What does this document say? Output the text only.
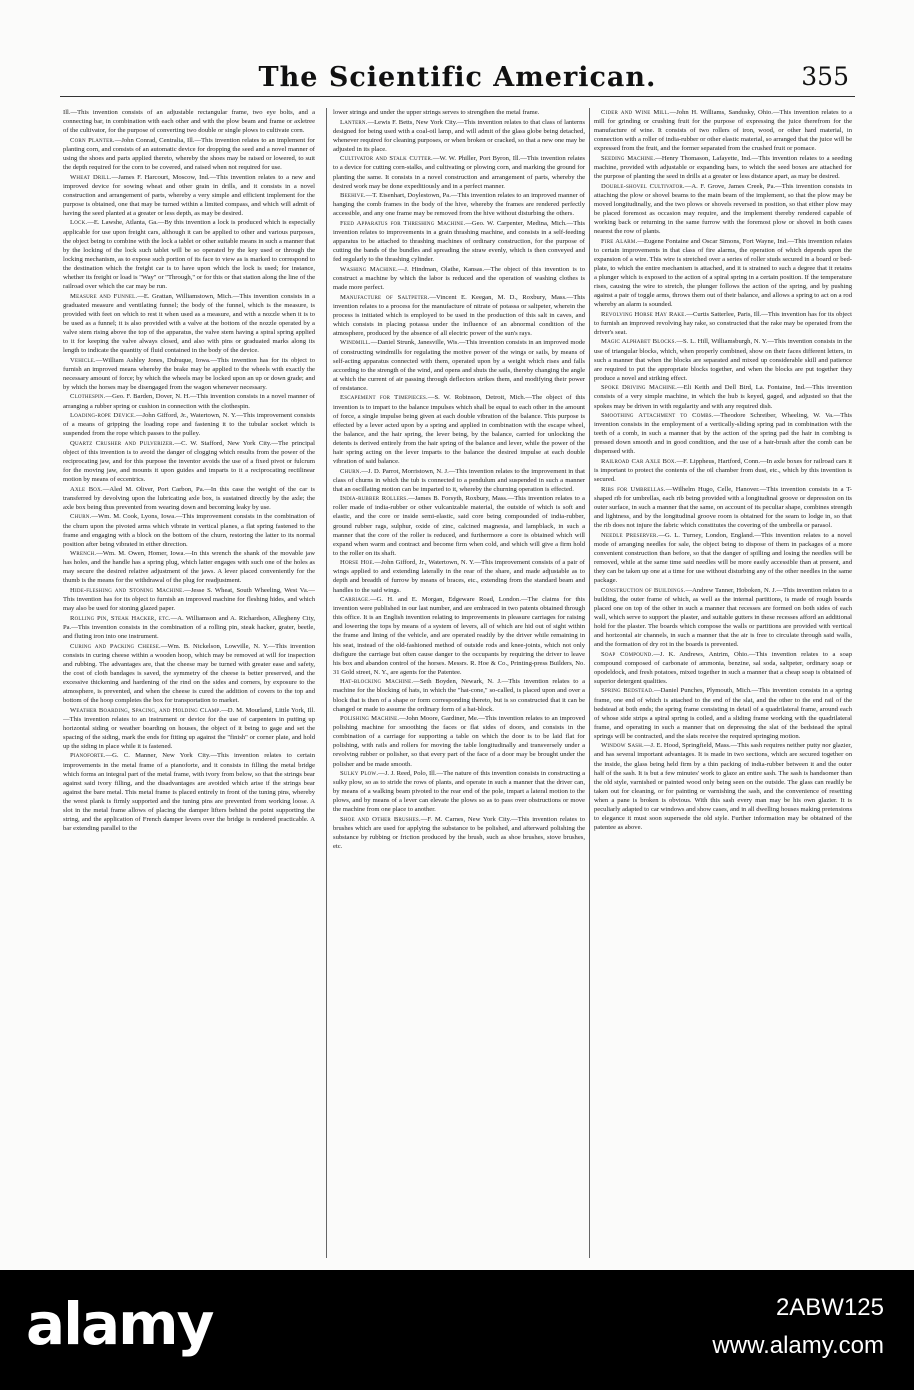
The Scientific American.	355

Ill.—This invention consists of an adjustable rectangular frame, two eye bolts, and a connecting bar, in combination with each other and with the plow beam and frame or axletree of the cultivator, for the purpose of converting two double or single plows to cultivate corn.

Corn Planter.—John Conrad, Centralia, Ill.—This invention relates to an implement for planting corn, and consists of an automatic device for dropping the seed and a novel manner of using the shoes and parts applied thereto, whereby the shoes may be raised or lowered, to suit the depth required for the corn to be covered, and raised when not required for use.

Wheat Drill.—James F. Harcourt, Moscow, Ind.—This invention relates to a new and improved device for sowing wheat and other grain in drills, and it consists in a novel construction and arrangement of parts, whereby a very simple and efficient implement for the purpose is obtained, one that may be turned within a limited compass, and which will admit of having the seed planted at a greater or less depth, as may be desired.

Lock.—E. Lawshe, Atlanta, Ga.—By this invention a lock is produced which is especially applicable for use upon freight cars, although it can be applied to other and various purposes, the object being to combine with the lock a tablet or other suitable means in such a manner that by the locking of the lock such tablet will be so operated by the key used or through the locking mechanism, as to expose such portion of its face to view as is marked to correspond to the destination which the freight car is to have upon which the lock is used; for instance, whether its freight or load is "Way" or "Through," or for this or that station along the line of the railroad over which the car may be run.

Measure and Funnel.—E. Grattan, Williamstown, Mich.—This invention consists in a graduated measure and ventilating funnel; the body of the funnel, which is the measure, is provided with feet on which to rest it when used as a measure, and with a nozzle when it is to be used as a funnel; it is also provided with a valve at the bottom of the nozzle operated by a valve stem rising above the top of the apparatus, the valve stem having a spiral spring applied to it for keeping the valve always closed, and also with pins or graduated marks along its length to indicate the quantity of fluid contained in the body of the device.

Vehicle.—William Ashley Jones, Dubuque, Iowa.—This invention has for its object to furnish an improved means whereby the brake may be applied to the wheels with exactly the necessary amount of force; by which the wheels may be locked upon an up or down grade; and by which the horses may be disengaged from the wagon whenever necessary.

Clothespin.—Geo. F. Barden, Dover, N. H.—This invention consists in a novel manner of arranging a rubber spring or cushion in connection with the clothespin.

Loading-rope Device.—John Gifford, Jr., Watertown, N. Y.—This improvement consists of a means of gripping the loading rope and fastening it to the tubular socket which is suspended from the rope which passes to the pulley.

Quartz Crusher and Pulverizer.—C. W. Stafford, New York City.—The principal object of this invention is to avoid the danger of clogging which results from the power of the reciprocating jaw, and for this purpose the inventor avoids the use of a fixed pivot or fulcrum for the moving jaw, and mounts it upon guides and imparts to it a reciprocating rectilinear motion by means of eccentrics.

Axle Box.—Aled M. Oliver, Port Carbon, Pa.—In this case the weight of the car is transferred by devolving upon the lubricating axle box, is sustained directly by the axle; the axle box being thus prevented from wearing down and becoming leaky by use.

Churn.—Wm. M. Cook, Lyons, Iowa.—This improvement consists in the combination of the churn upon the pivoted arms which vibrate in vertical planes, a flat spring fastened to the frame and engaging with a block on the bottom of the churn, restoring the latter to its normal position after being vibrated in either direction.

Wrench.—Wm. M. Owen, Homer, Iowa.—In this wrench the shank of the movable jaw has holes, and the handle has a spring plug, which latter engages with such one of the holes as may secure the desired relative adjustment of the jaws. A lever placed conveniently for the thumb is the means for the withdrawal of the plug for readjustment.

Hide-fleshing and Stoning Machine.—Jesse S. Wheat, South Wheeling, West Va.—This invention has for its object to furnish an improved machine for fleshing hides, and which may also be used for stoning glazed paper.

Rolling Pin, Steak Hacker, etc.—A. Williamson and A. Richardson, Allegheny City, Pa.—This invention consists in the combination of a rolling pin, steak hacker, grater, beetle, and fluting iron into one instrument.

Curing and Packing Cheese.—Wm. B. Nickelson, Lowville, N. Y.—This invention consists in curing cheese within a wooden hoop, which may be removed at will for inspection and rubbing. The advantages are, that the cheese may be turned with greater ease and safety, the cost of cloth bandages is saved, the symmetry of the cheese is better preserved, and the excessive thickening and hardening of the rind on the sides and corners, by exposure to the atmosphere, is prevented, and when the cheese is cured the addition of covers to the top and bottom of the hoop completes the box for transportation to market.

Weather Boarding, Spacing, and Holding Clamp.—D. M. Mourland, Little York, Ill.—This invention relates to an instrument or device for the use of carpenters in putting up horizontal siding or weather boarding on houses, the object of it being to gage and set the spacing of the siding, mark the ends for fitting up against the "finish" or corner plate, and hold up the siding in place while it is fastened.

Pianoforte.—G. C. Manner, New York City.—This invention relates to certain improvements in the metal frame of a pianoforte, and it consists in filling the metal bridge which forms an integral part of the metal frame, with ivory from below, so that the strings bear against said ivory filling, and the disadvantages are avoided which arise if the strings bear against the bare metal. This metal frame is placed entirely in front of the tuning pins, whereby the wrest plank is firmly supported and the tuning pins are prevented from working loose. A slot in the metal frame allows of placing the damper lifters behind the point supporting the string, and the application of French damper levers over the bridge is rendered practicable. A bar extending parallel to the

lower strings and under the upper strings serves to strengthen the metal frame.

Lantern.—Lewis F. Betts, New York City.—This invention relates to that class of lanterns designed for being used with a coal-oil lamp, and will admit of the glass globe being detached, whenever required for cleaning purposes, or when broken or cracked, so that a new one may be adjusted in its place.

Cultivator and Stalk Cutter.—W. W. Philler, Port Byron, Ill.—This invention relates to a device for cutting corn-stalks, and cultivating or plowing corn, and marking the ground for planting the same. It consists in a novel construction and arrangement of parts, whereby the desired work may be done expeditiously and in a perfect manner.

Beehive.—T. Eisenhart, Doylestown, Pa.—This invention relates to an improved manner of hanging the comb frames in the body of the hive, whereby the frames are rendered perfectly accessible, and any one frame may be removed from the hive without disturbing the others.

Feed Apparatus for Threshing Machine.—Geo. W. Carpenter, Medina, Mich.—This invention relates to improvements in a grain thrashing machine, and consists in a self-feeding apparatus to be attached to thrashing machines of ordinary construction, for the purpose of cutting the bands of the bundles and spreading the straw evenly, which is then conveyed and fed regularly to the thrashing cylinder.

Washing Machine.—J. Hindman, Olathe, Kansas.—The object of this invention is to construct a machine by which the labor is reduced and the operation of washing clothes is made more perfect.

Manufacture of Saltpeter.—Vincent E. Keegan, M. D., Roxbury, Mass.—This invention relates to a process for the manufacture of nitrate of potassa or saltpeter, wherein the process is initiated which is employed to be used in the production of this salt in caves, and which consists in placing potassa under the influence of an abnormal condition of the atmosphere, produced by the absence of all electric power of the sun's rays.

Windmill.—Daniel Strunk, Janesville, Wis.—This invention consists in an improved mode of constructing windmills for regulating the motive power of the wings or sails, by means of self-acting apparatus connected with them, operated upon by a weight which rises and falls according to the strength of the wind, and opens and shuts the sails, thereby changing the angle at which the current of air passing through deflectors strikes them, and modifying their power of resistance.

Escapement for Timepieces.—S. W. Robinson, Detroit, Mich.—The object of this invention is to impart to the balance impulses which shall be equal to each other in the amount of force, a single impulse being given at each double vibration of the balance. This purpose is effected by a lever acted upon by a spring and applied in combination with the escape wheel, the balance, and the hair spring, the lever being, by the balance, carried for unlocking the detents is derived entirely from the hair spring of the balance and lever, while the power of the hair spring acting on the lever imparts to the balance the desired impulse at each double vibration of said balance.

Churn.—J. D. Parrot, Morristown, N. J.—This invention relates to the improvement in that class of churns in which the tub is connected to a pendulum and suspended in such a manner that an oscillating motion can be imparted to it, whereby the churning operation is effected.

India-rubber Rollers.—James B. Forsyth, Roxbury, Mass.—This invention relates to a roller made of india-rubber or other vulcanizable material, the outside of which is soft and elastic, and the core or inside semi-elastic, said core being compounded of india-rubber, ground rubber rags, sulphur, oxide of zinc, calcined magnesia, and lampblack, in such a manner that the core of the roller is reduced, and furthermore a core is obtained which will expand when warm and contract and become firm when cold, and which will give a firm hold to the roller on its shaft.

Horse Hoe.—John Gifford, Jr., Watertown, N. Y.—This improvement consists of a pair of wings applied to and extending laterally in the rear of the share, and made adjustable as to depth and breadth of furrow by means of braces, etc., extending from the standard beam and handles to the said wings.

Carriage.—G. H. and E. Morgan, Edgeware Road, London.—The claims for this invention were published in our last number, and are embraced in two patents obtained through this office. It is an English invention relating to improvements in pleasure carriages for raising and lowering the tops by means of a system of levers, all of which are hid out of sight within the frame and lining of the vehicle, and are operated readily by the driver while remaining in his seat, instead of the old-fashioned method of outside rods and knee-joints, which not only disfigure the carriage but often cause danger to the occupants by requiring the driver to leave his box and abandon control of the horses. Messrs. R. Hoe & Co., Printing-press Builders, No. 31 Gold street, N. Y., are agents for the Patentee.

Hat-blocking Machine.—Seth Boyden, Newark, N. J.—This invention relates to a machine for the blocking of hats, in which the "hat-cone," so-called, is placed upon and over a block that is then of a shape or form corresponding thereto, but is so constructed that it can be changed or made to assume the ordinary form of a hat-block.

Polishing Machine.—John Moore, Gardiner, Me.—This invention relates to an improved polishing machine for smoothing the faces or flat sides of doors, and consists in the combination of a carriage for supporting a table on which the door is to be laid flat for polishing, with rails and rollers for moving the table longitudinally and transversely under a revolving rubber or polisher, so that every part of the face of a door may be brought under the polisher and be made smooth.

Sulky Plow.—J. J. Reed, Polo, Ill.—The nature of this invention consists in constructing a sulky plow, so as to stride the rows of plants, and operate in such a manner that the driver can, by means of a walking beam pivoted to the rear end of the pole, impart a lateral motion to the plows, and by means of a lever can elevate the plows so as to pass over obstructions or move the machine from one place to another.

Shoe and Other Brushes.—F. M. Carnes, New York City.—This invention relates to brushes which are used for applying the substance to be polished, and afterward polishing the substance by rubbing or friction produced by the brush, such as shoe brushes, stove brushes, etc.

Cider and Wine Mill.—John H. Williams, Sandusky, Ohio.—This invention relates to a mill for grinding or crushing fruit for the purpose of expressing the juice therefrom for the manufacture of wine. It consists of two rollers of iron, wood, or other hard material, in connection with a roller of india-rubber or other elastic material, so arranged that the juice will be expressed from the fruit, and the former separated from the crushed fruit or pomace.

Seeding Machine.—Henry Thomason, Lafayette, Ind.—This invention relates to a seeding machine, provided with adjustable or expanding bars, to which the seed boxes are attached for the purpose of planting the seed in drills at a greater or less distance apart, as may be desired.

Double-shovel Cultivator.—A. F. Grove, James Creek, Pa.—This invention consists in attaching the plow or shovel beams to the main beam of the implement, so that the plow may be moved longitudinally, and the two plows or shovels reversed in position, so that either plow may be placed foremost as occasion may require, and the implement thereby rendered capable of working back or returning in the same furrow with the foremost plow or shovel in both cases nearest the row of plants.

Fire Alarm.—Eugene Fontaine and Oscar Simons, Fort Wayne, Ind.—This invention relates to certain improvements in that class of fire alarms, the operation of which depends upon the expansion of a wire. This wire is stretched over a series of roller studs secured in a board or bed-plate, to which the entire mechanism is attached, and it is strained to such a degree that it retains a plunger which is exposed to the action of a spiral spring in a certain position. If the temperature rises, causing the wire to stretch, the plunger follows the action of the spring, and by pushing against a pair of toggle arms, throws them out of their balance, and allows a spring to act on a rod whereby an alarm is sounded.

Revolving Horse Hay Rake.—Curtis Satterlee, Paris, Ill.—This invention has for its object to furnish an improved revolving hay rake, so constructed that the rake may be operated from the driver's seat.

Magic Alphabet Blocks.—S. L. Hill, Williamsburgh, N. Y.—This invention consists in the use of triangular blocks, which, when properly combined, show on their faces different letters, in such a manner that when the blocks are separated and mixed up considerable skill and patience are required to put the appropriate blocks together, and when the blocks are put together they produce a novel and striking effect.

Spoke Driving Machine.—Eli Keith and Dell Bird, La. Fontaine, Ind.—This invention consists of a very simple machine, in which the hub is keyed, gaged, and adjusted so that the spokes may be driven in with regularity and with any required dish.

Smoothing Attachment to Combs.—Theodore Schreiber, Wheeling, W. Va.—This invention consists in the employment of a vertically-sliding spring pad in combination with the teeth of a comb, in such a manner that by the action of the spring pad the hair in combing is pressed down smooth and in good condition, and the use of a hair-brush after the comb can be dispensed with.

Railroad Car Axle Box.—F. Lippheus, Hartford, Conn.—In axle boxes for railroad cars it is important to protect the contents of the oil chamber from dust, etc., which by this invention is secured.

Ribs for Umbrellas.—Wilhelm Hugo, Celle, Hanover.—This invention consists in a T-shaped rib for umbrellas, each rib being provided with a longitudinal groove or depression on its outer surface, in such a manner that the same, on account of its peculiar shape, combines strength and lightness, and by the longitudinal groove room is obtained for the seam to lodge in, so that the rib does not injure the fabric which constitutes the covering of the umbrella or parasol.

Needle Preserver.—G. L. Turney, London, England.—This invention relates to a novel mode of arranging needles for sale, the object being to dispose of them in packages of a more convenient construction than before, so that the danger of spilling and losing the needles will be removed, while at the same time said needles will be more easily accessible than at present, and they can be taken up one at a time for use without disturbing any of the other needles in the same package.

Construction of Buildings.—Andrew Tanner, Hoboken, N. J.—This invention relates to a building, the outer frame of which, as well as the internal partitions, is made of rough boards placed one on top of the other in such a manner that recesses are formed on both sides of each wall, which serve to support the plaster, and suitable gutters in these recesses afford an additional hold for the plaster. The boards which compose the walls or partitions are provided with vertical and horizontal air channels, in such a manner that the air is free to circulate through said walls, and the formation of dry rot in the boards is prevented.

Soap Compound.—J. K. Andrews, Antrim, Ohio.—This invention relates to a soap compound composed of carbonate of ammonia, benzine, sal soda, saltpeter, ordinary soap or opodeldock, and fresh potatoes, mixed together in such a manner that a cheap soap is obtained of superior detergent qualities.

Spring Bedstead.—Daniel Punches, Plymouth, Mich.—This invention consists in a spring frame, one end of which is attached to the end of the slat, and the other to the end rail of the bedstead at both ends; the spring frame consisting in detail of a quadrilateral frame, around each of whose side strips a spiral spring is coiled, and a sliding frame working with the quadrilateral frame, and operating in such a manner that on depressing the slat of the bedstead the spiral springs will be contracted, and the slats receive the required springing motion.

Window Sash.—J. E. Hood, Springfield, Mass.—This sash requires neither putty nor glazier, and has several important advantages. It is made in two sections, which are secured together on the inside, the glass being held firm by a thin packing of india-rubber between it and the outer half of the sash. It is but a few minutes' work to glaze an entire sash. The sash is handsomer than the old style, varnished or painted wood only being seen on the outside. The glass can readily be taken out for cleaning, or for painting or varnishing the sash, and the convenience of resetting when a pane is broken is obvious. With this sash every man may be his own glazier. It is peculiarly adapted to car windows and show cases, and in all dwelling houses making pretensions to elegance it must soon supersede the old style. Further information may be obtained of the patentee as above.

alamy	2ABW125
www.alamy.com
